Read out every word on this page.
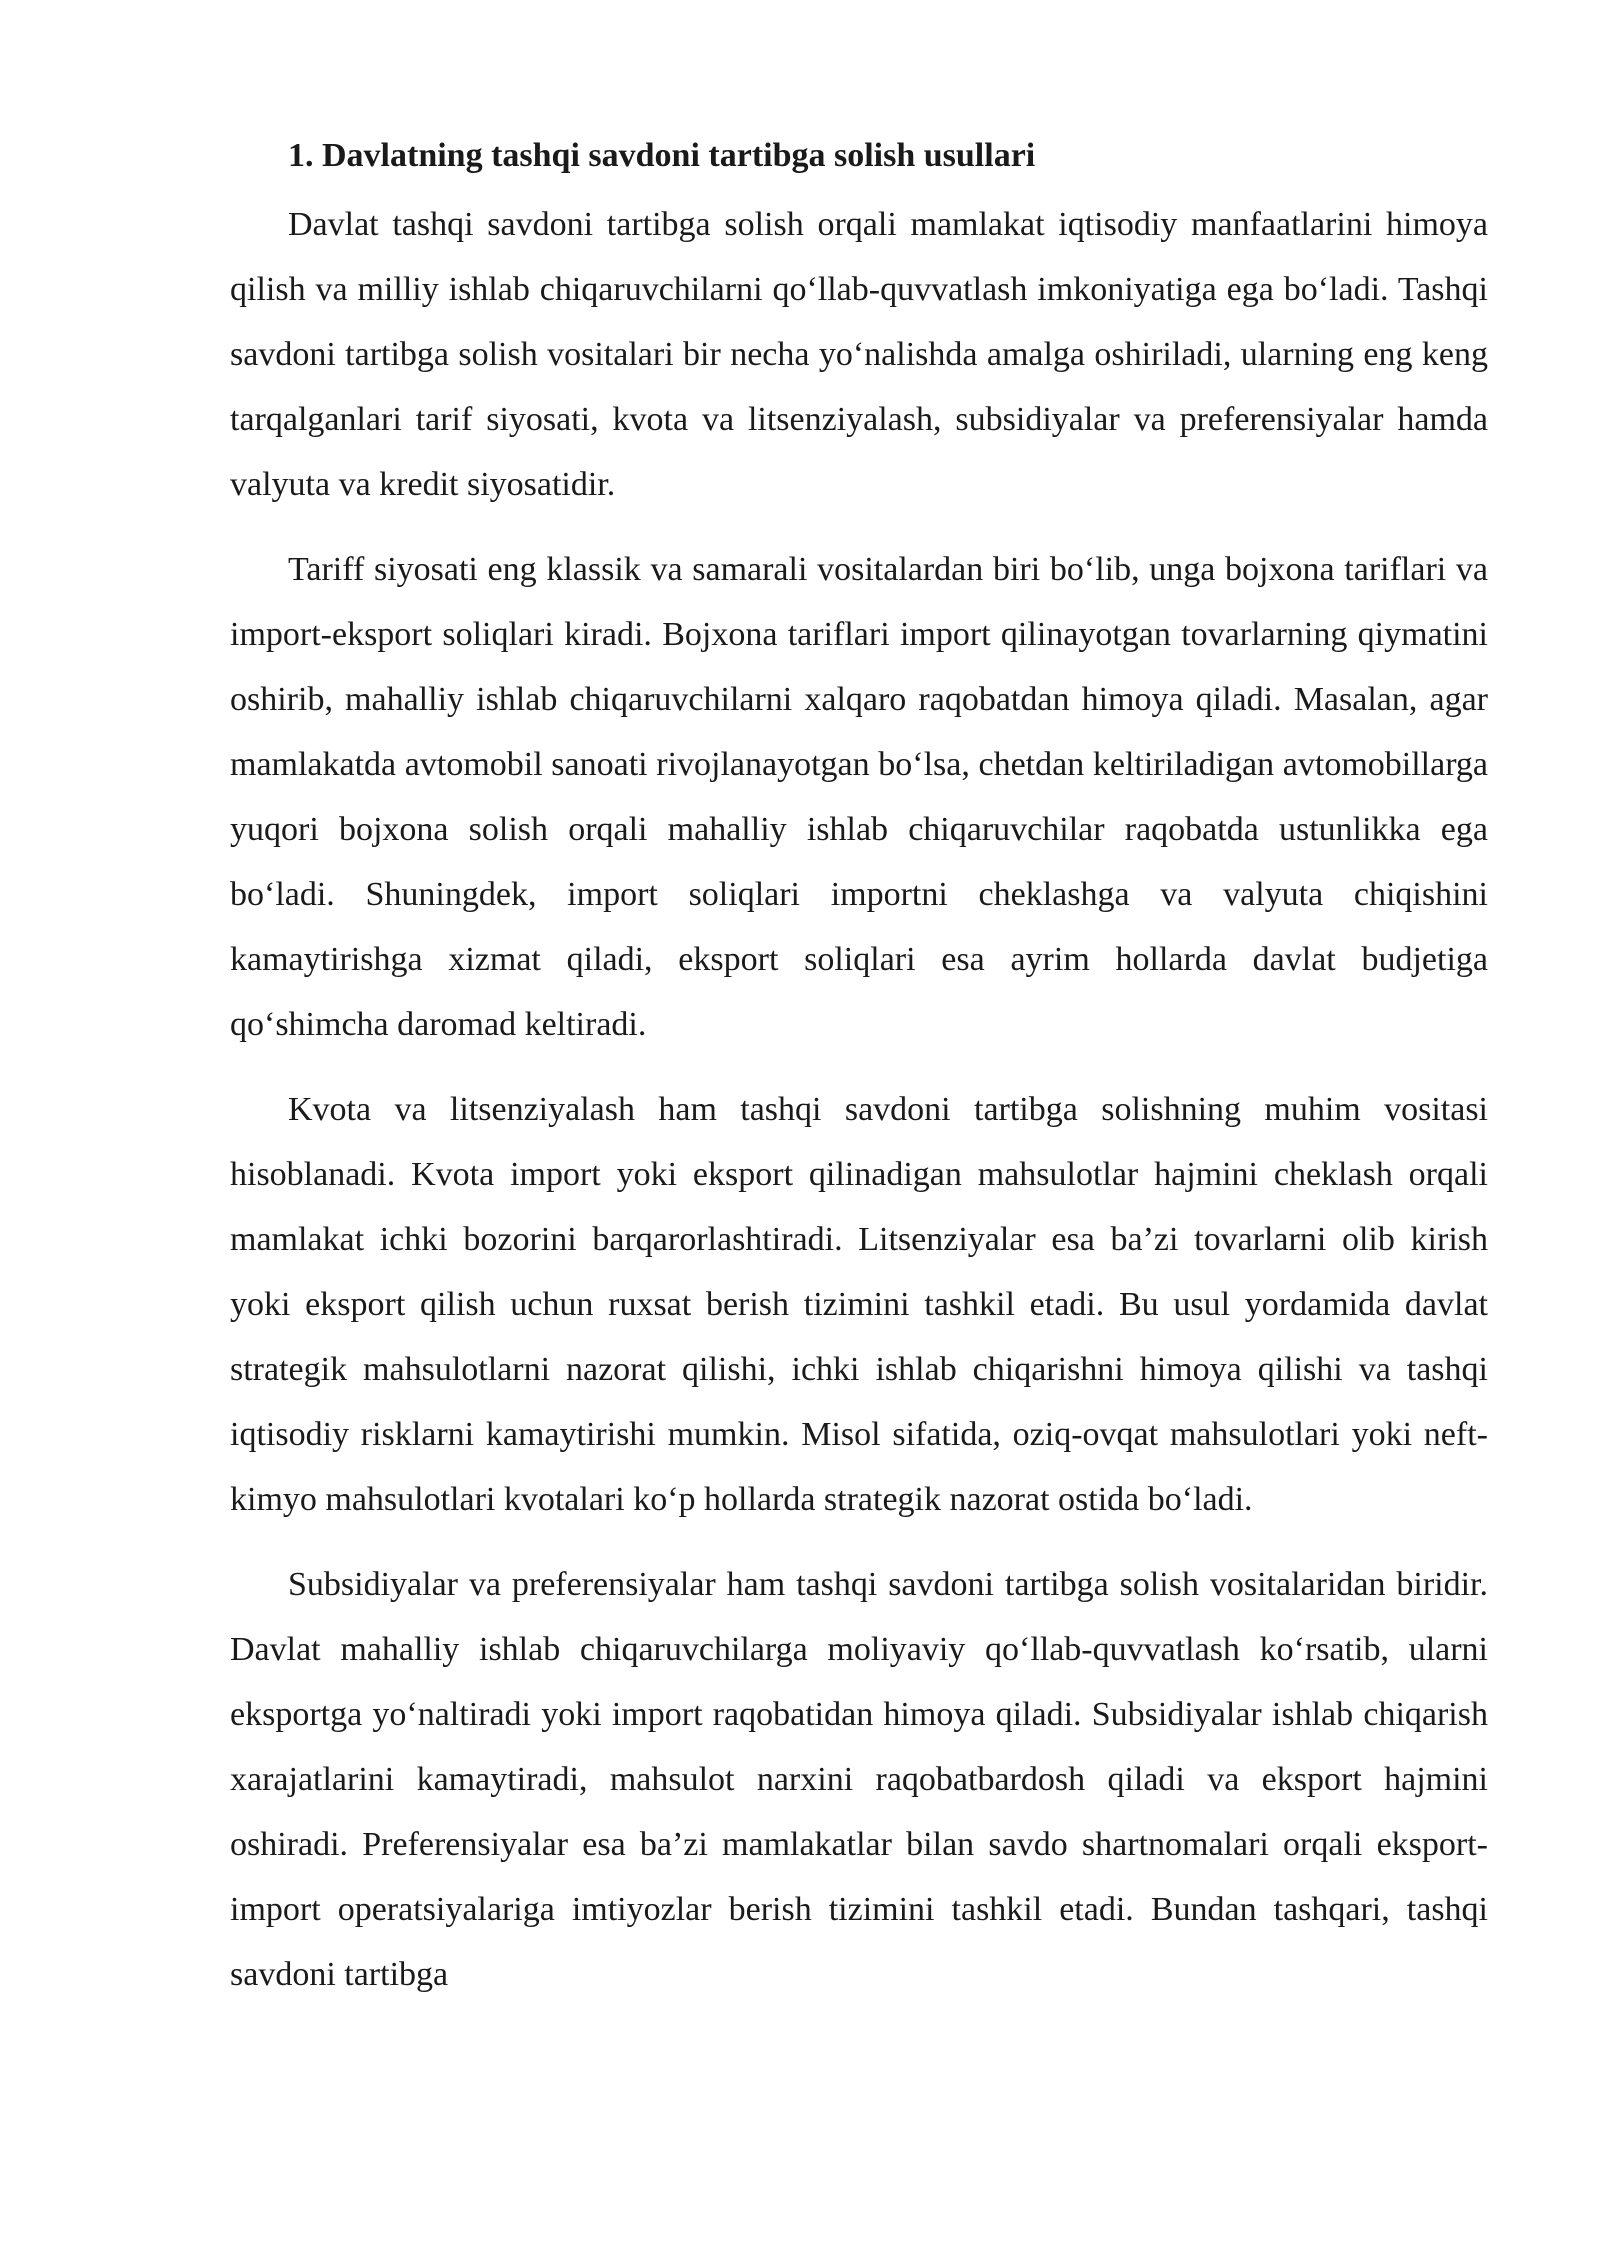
1. Davlatning tashqi savdoni tartibga solish usullari

Davlat tashqi savdoni tartibga solish orqali mamlakat iqtisodiy manfaatlarini himoya qilish va milliy ishlab chiqaruvchilarni qo‘llab-quvvatlash imkoniyatiga ega bo‘ladi. Tashqi savdoni tartibga solish vositalari bir necha yo‘nalishda amalga oshiriladi, ularning eng keng tarqalganlari tarif siyosati, kvota va litsenziyalash, subsidiyalar va preferensiyalar hamda valyuta va kredit siyosatidir.

Tariff siyosati eng klassik va samarali vositalardan biri bo‘lib, unga bojxona tariflari va import-eksport soliqlari kiradi. Bojxona tariflari import qilinayotgan tovarlarning qiymatini oshirib, mahalliy ishlab chiqaruvchilarni xalqaro raqobatdan himoya qiladi. Masalan, agar mamlakatda avtomobil sanoati rivojlanayotgan bo‘lsa, chetdan keltiriladigan avtomobillarga yuqori bojxona solish orqali mahalliy ishlab chiqaruvchilar raqobatda ustunlikka ega bo‘ladi. Shuningdek, import soliqlari importni cheklashga va valyuta chiqishini kamaytirishga xizmat qiladi, eksport soliqlari esa ayrim hollarda davlat budjetiga qo‘shimcha daromad keltiradi.

Kvota va litsenziyalash ham tashqi savdoni tartibga solishning muhim vositasi hisoblanadi. Kvota import yoki eksport qilinadigan mahsulotlar hajmini cheklash orqali mamlakat ichki bozorini barqarorlashtiradi. Litsenziyalar esa ba’zi tovarlarni olib kirish yoki eksport qilish uchun ruxsat berish tizimini tashkil etadi. Bu usul yordamida davlat strategik mahsulotlarni nazorat qilishi, ichki ishlab chiqarishni himoya qilishi va tashqi iqtisodiy risklarni kamaytirishi mumkin. Misol sifatida, oziq-ovqat mahsulotlari yoki neft-kimyo mahsulotlari kvotalari ko‘p hollarda strategik nazorat ostida bo‘ladi.

Subsidiyalar va preferensiyalar ham tashqi savdoni tartibga solish vositalaridan biridir. Davlat mahalliy ishlab chiqaruvchilarga moliyaviy qo‘llab-quvvatlash ko‘rsatib, ularni eksportga yo‘naltiradi yoki import raqobatidan himoya qiladi. Subsidiyalar ishlab chiqarish xarajatlarini kamaytiradi, mahsulot narxini raqobatbardosh qiladi va eksport hajmini oshiradi. Preferensiyalar esa ba’zi mamlakatlar bilan savdo shartnomalari orqali eksport-import operatsiyalariga imtiyozlar berish tizimini tashkil etadi. Bundan tashqari, tashqi savdoni tartibga
